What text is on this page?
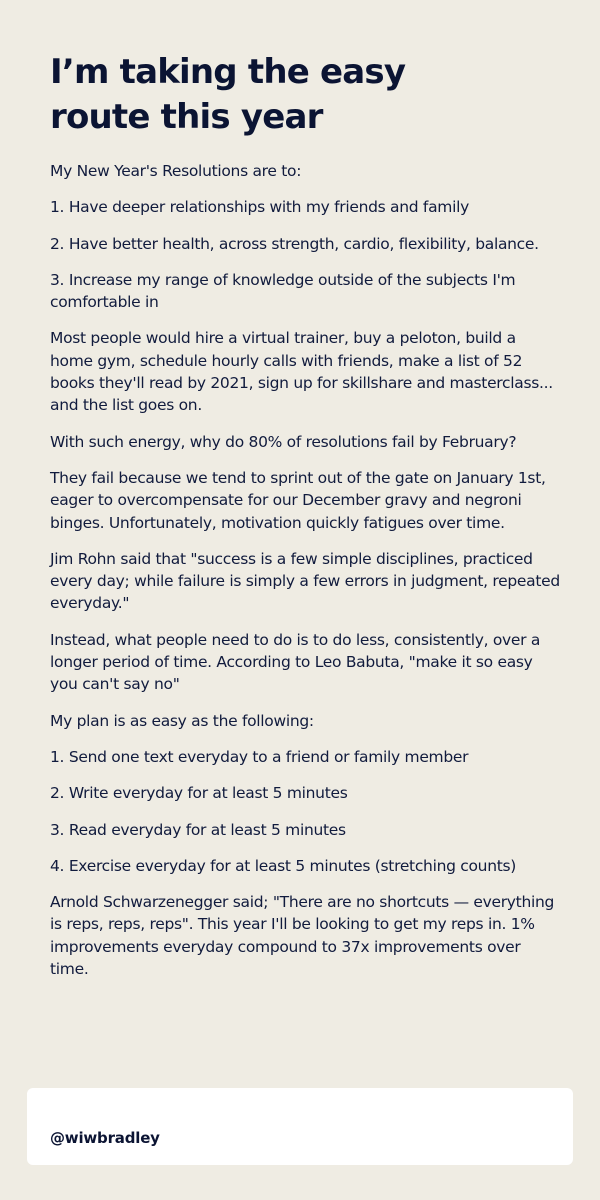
I’m taking the easy
route this year

My New Year's Resolutions are to:

1. Have deeper relationships with my friends and family

2. Have better health, across strength, cardio, flexibility, balance.

3. Increase my range of knowledge outside of the subjects I'm comfortable in

Most people would hire a virtual trainer, buy a peloton, build a home gym, schedule hourly calls with friends, make a list of 52 books they'll read by 2021, sign up for skillshare and masterclass... and the list goes on.

With such energy, why do 80% of resolutions fail by February?

They fail because we tend to sprint out of the gate on January 1st, eager to overcompensate for our December gravy and negroni binges. Unfortunately, motivation quickly fatigues over time.

Jim Rohn said that "success is a few simple disciplines, practiced every day; while failure is simply a few errors in judgment, repeated everyday."

Instead, what people need to do is to do less, consistently, over a longer period of time. According to Leo Babuta, "make it so easy you can't say no"

My plan is as easy as the following:

1. Send one text everyday to a friend or family member

2. Write everyday for at least 5 minutes

3. Read everyday for at least 5 minutes

4. Exercise everyday for at least 5 minutes (stretching counts)

Arnold Schwarzenegger said; "There are no shortcuts — everything is reps, reps, reps". This year I'll be looking to get my reps in. 1% improvements everyday compound to 37x improvements over time.

@wiwbradley
